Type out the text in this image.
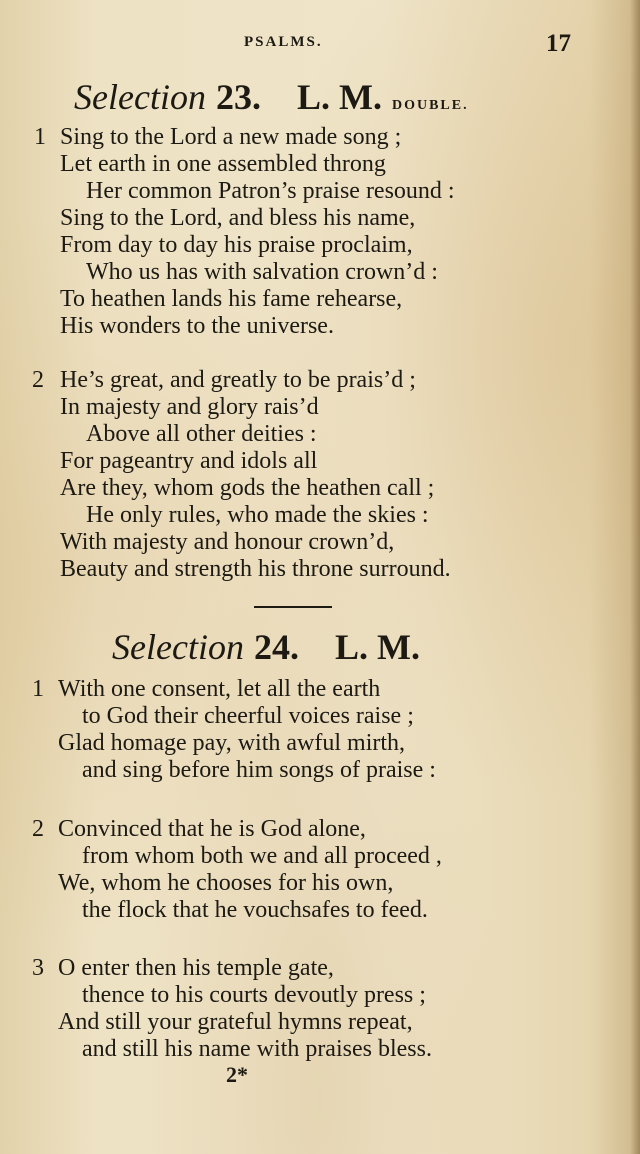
PSALMS.	17
Selection 23. L. M. DOUBLE.
1 Sing to the Lord a new made song ;
Let earth in one assembled throng
Her common Patron’s praise resound :
Sing to the Lord, and bless his name,
From day to day his praise proclaim,
Who us has with salvation crown’d :
To heathen lands his fame rehearse,
His wonders to the universe.
2 He’s great, and greatly to be prais’d ;
In majesty and glory rais’d
Above all other deities :
For pageantry and idols all
Are they, whom gods the heathen call ;
He only rules, who made the skies :
With majesty and honour crown’d,
Beauty and strength his throne surround.
Selection 24. L. M.
1 With one consent, let all the earth
to God their cheerful voices raise ;
Glad homage pay, with awful mirth,
and sing before him songs of praise :
2 Convinced that he is God alone,
from whom both we and all proceed ,
We, whom he chooses for his own,
the flock that he vouchsafes to feed.
3 O enter then his temple gate,
thence to his courts devoutly press ;
And still your grateful hymns repeat,
and still his name with praises bless.
2*
